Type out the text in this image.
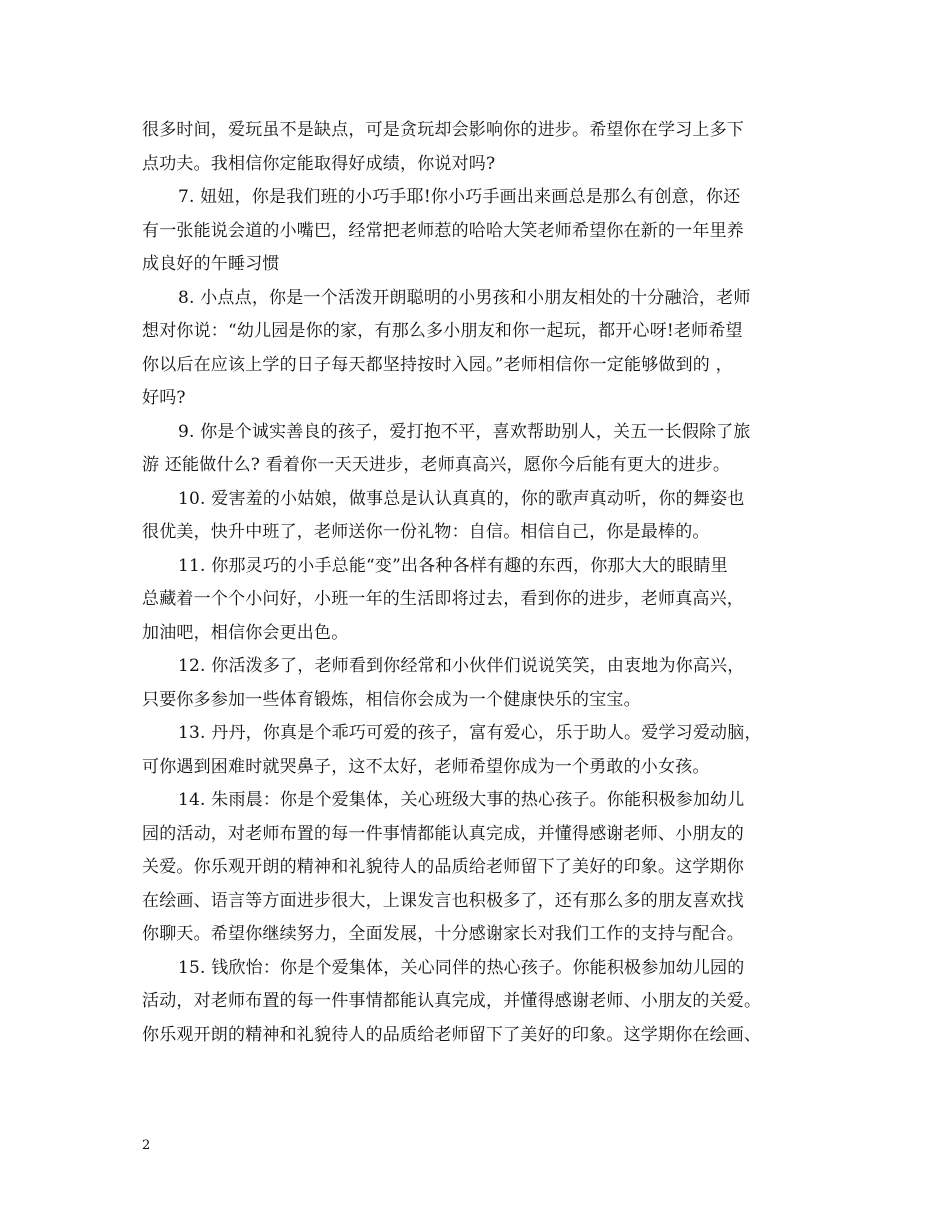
很多时间，爱玩虽不是缺点，可是贪玩却会影响你的进步。希望你在学习上多下
点功夫。我相信你定能取得好成绩，你说对吗?
7. 妞妞，你是我们班的小巧手耶!你小巧手画出来画总是那么有创意，你还
有一张能说会道的小嘴巴，经常把老师惹的哈哈大笑老师希望你在新的一年里养
成良好的午睡习惯
8. 小点点，你是一个活泼开朗聪明的小男孩和小朋友相处的十分融洽，老师
想对你说：“幼儿园是你的家，有那么多小朋友和你一起玩，都开心呀!老师希望
你以后在应该上学的日子每天都坚持按时入园。”老师相信你一定能够做到的 ，
好吗?
9. 你是个诚实善良的孩子，爱打抱不平，喜欢帮助别人，关五一长假除了旅
游 还能做什么? 看着你一天天进步，老师真高兴，愿你今后能有更大的进步。
10. 爱害羞的小姑娘，做事总是认认真真的，你的歌声真动听，你的舞姿也
很优美，快升中班了，老师送你一份礼物：自信。相信自己，你是最棒的。
11. 你那灵巧的小手总能“变”出各种各样有趣的东西，你那大大的眼睛里
总藏着一个个小问好，小班一年的生活即将过去，看到你的进步，老师真高兴，
加油吧，相信你会更出色。
12. 你活泼多了，老师看到你经常和小伙伴们说说笑笑，由衷地为你高兴，
只要你多参加一些体育锻炼，相信你会成为一个健康快乐的宝宝。
13. 丹丹，你真是个乖巧可爱的孩子，富有爱心，乐于助人。爱学习爱动脑，
可你遇到困难时就哭鼻子，这不太好，老师希望你成为一个勇敢的小女孩。
14. 朱雨晨：你是个爱集体，关心班级大事的热心孩子。你能积极参加幼儿
园的活动，对老师布置的每一件事情都能认真完成，并懂得感谢老师、小朋友的
关爱。你乐观开朗的精神和礼貌待人的品质给老师留下了美好的印象。这学期你
在绘画、语言等方面进步很大，上课发言也积极多了，还有那么多的朋友喜欢找
你聊天。希望你继续努力，全面发展，十分感谢家长对我们工作的支持与配合。
15. 钱欣怡：你是个爱集体，关心同伴的热心孩子。你能积极参加幼儿园的
活动，对老师布置的每一件事情都能认真完成，并懂得感谢老师、小朋友的关爱。
你乐观开朗的精神和礼貌待人的品质给老师留下了美好的印象。这学期你在绘画、
2
